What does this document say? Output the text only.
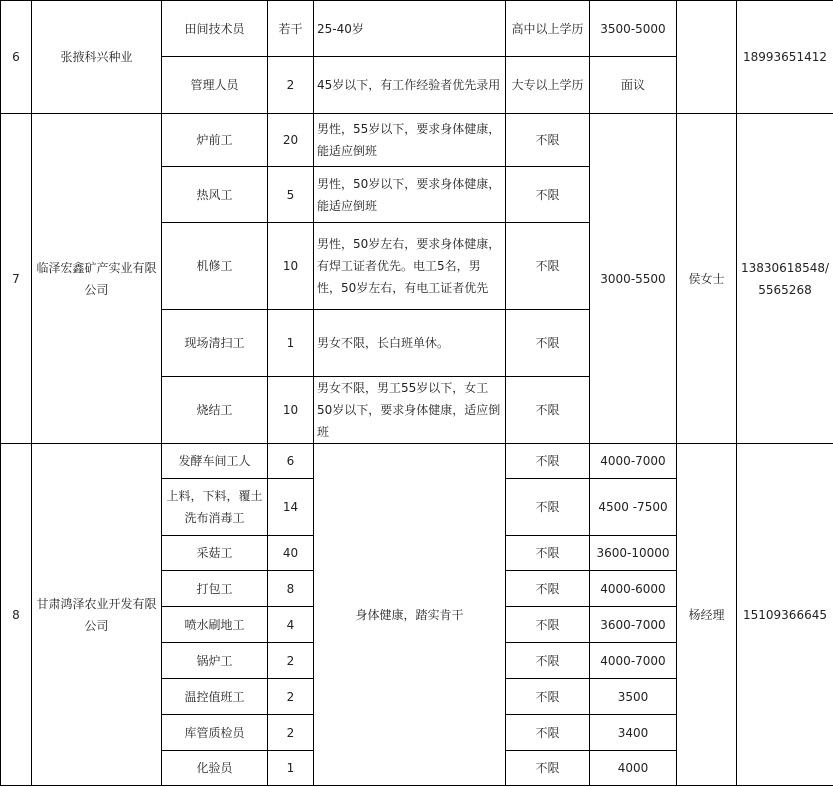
6	张掖科兴种业	田间技术员	若干	25-40岁	高中以上学历	3500-5000		18993651412
		管理人员	2	45岁以下，有工作经验者优先录用	大专以上学历	面议		
7	临泽宏鑫矿产实业有限公司	炉前工	20	男性，55岁以下，要求身体健康，能适应倒班	不限	3000-5500	侯女士	13830618548/5565268
		热风工	5	男性，50岁以下，要求身体健康，能适应倒班	不限			
		机修工	10	男性，50岁左右，要求身体健康，有焊工证者优先。电工5名，男性，50岁左右，有电工证者优先	不限			
		现场清扫工	1	男女不限，长白班单休。	不限			
		烧结工	10	男女不限，男工55岁以下，女工50岁以下，要求身体健康，适应倒班	不限			
8	甘肃鸿泽农业开发有限公司	发酵车间工人	6	身体健康，踏实肯干	不限	4000-7000	杨经理	15109366645
		上料，下料，覆土洗布消毒工	14		不限	4500 -7500		
		采菇工	40		不限	3600-10000		
		打包工	8		不限	4000-6000		
		喷水刷地工	4		不限	3600-7000		
		锅炉工	2		不限	4000-7000		
		温控值班工	2		不限	3500		
		库管质检员	2		不限	3400		
		化验员	1		不限	4000		
